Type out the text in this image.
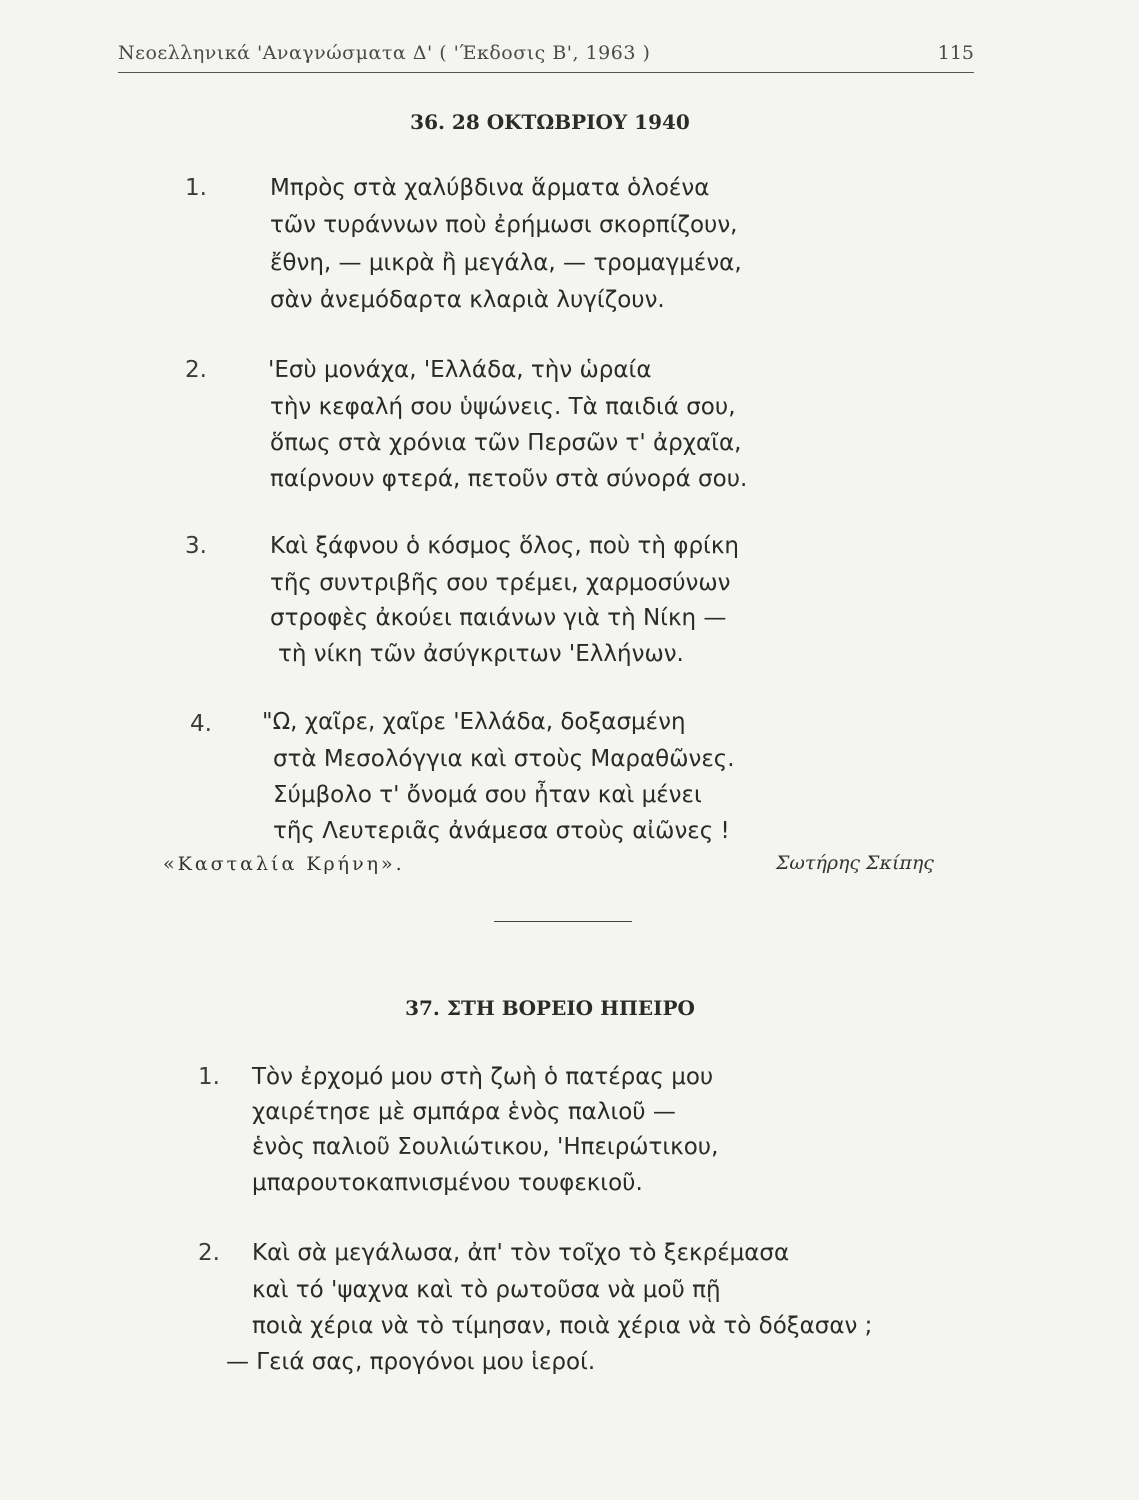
Νεοελληνικά 'Αναγνώσματα Δ' ( 'Έκδοσις Β', 1963 )	115
36. 28 ΟΚΤΩΒΡΙΟΥ 1940
1.	Μπρὸς στὰ χαλύβδινα ἅρματα ὁλοένα
τῶν τυράννων ποὺ ἐρήμωσι σκορπίζουν,
ἔθνη, — μικρὰ ἢ μεγάλα, — τρομαγμένα,
σὰν ἀνεμόδαρτα κλαριὰ λυγίζουν.
2.	'Εσὺ μονάχα, 'Ελλάδα, τὴν ὡραία
τὴν κεφαλή σου ὑψώνεις. Τὰ παιδιά σου,
ὅπως στὰ χρόνια τῶν Περσῶν τ' ἀρχαῖα,
παίρνουν φτερά, πετοῦν στὰ σύνορά σου.
3.	Καὶ ξάφνου ὁ κόσμος ὅλος, ποὺ τὴ φρίκη
τῆς συντριβῆς σου τρέμει, χαρμοσύνων
στροφὲς ἀκούει παιάνων γιὰ τὴ Νίκη —
τὴ νίκη τῶν ἀσύγκριτων 'Ελλήνων.
4. "Ω, χαῖρε, χαῖρε 'Ελλάδα, δοξασμένη
στὰ Μεσολόγγια καὶ στοὺς Μαραθῶνες.
Σύμβολο τ' ὄνομά σου ἦταν καὶ μένει
τῆς Λευτεριᾶς ἀνάμεσα στοὺς αἰῶνες !
«Κασταλία Κρήνη».	Σωτήρης Σκίπης
37. ΣΤΗ ΒΟΡΕΙΟ ΗΠΕΙΡΟ
1. Τὸν ἐρχομό μου στὴ ζωὴ ὁ πατέρας μου
χαιρέτησε μὲ σμπάρα ἑνὸς παλιοῦ —
ἑνὸς παλιοῦ Σουλιώτικου, 'Ηπειρώτικου,
μπαρουτοκαπνισμένου τουφεκιοῦ.
2. Καὶ σὰ μεγάλωσα, ἀπ' τὸν τοῖχο τὸ ξεκρέμασα
καὶ τό 'ψαχνα καὶ τὸ ρωτοῦσα νὰ μοῦ πῇ
ποιὰ χέρια νὰ τὸ τίμησαν, ποιὰ χέρια νὰ τὸ δόξασαν ;
— Γειά σας, προγόνοι μου ἱεροί.
